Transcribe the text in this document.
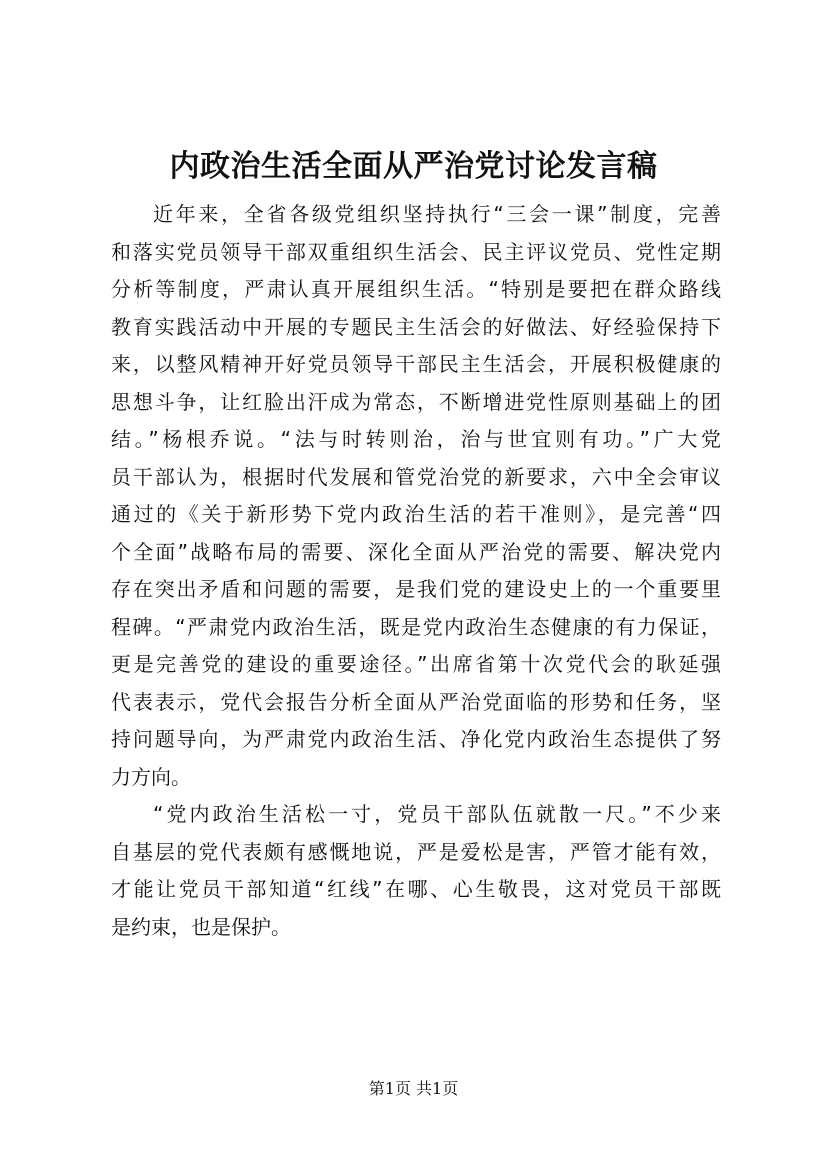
内政治生活全面从严治党讨论发言稿
近年来，全省各级党组织坚持执行“三会一课”制度，完善
和落实党员领导干部双重组织生活会、民主评议党员、党性定期
分析等制度，严肃认真开展组织生活。“特别是要把在群众路线
教育实践活动中开展的专题民主生活会的好做法、好经验保持下
来，以整风精神开好党员领导干部民主生活会，开展积极健康的
思想斗争，让红脸出汗成为常态，不断增进党性原则基础上的团
结。”杨根乔说。“法与时转则治，治与世宜则有功。”广大党
员干部认为，根据时代发展和管党治党的新要求，六中全会审议
通过的《关于新形势下党内政治生活的若干准则》，是完善“四
个全面”战略布局的需要、深化全面从严治党的需要、解决党内
存在突出矛盾和问题的需要，是我们党的建设史上的一个重要里
程碑。“严肃党内政治生活，既是党内政治生态健康的有力保证，
更是完善党的建设的重要途径。”出席省第十次党代会的耿延强
代表表示，党代会报告分析全面从严治党面临的形势和任务，坚
持问题导向，为严肃党内政治生活、净化党内政治生态提供了努
力方向。
“党内政治生活松一寸，党员干部队伍就散一尺。”不少来
自基层的党代表颇有感慨地说，严是爱松是害，严管才能有效，
才能让党员干部知道“红线”在哪、心生敬畏，这对党员干部既
是约束，也是保护。
第1页 共1页
